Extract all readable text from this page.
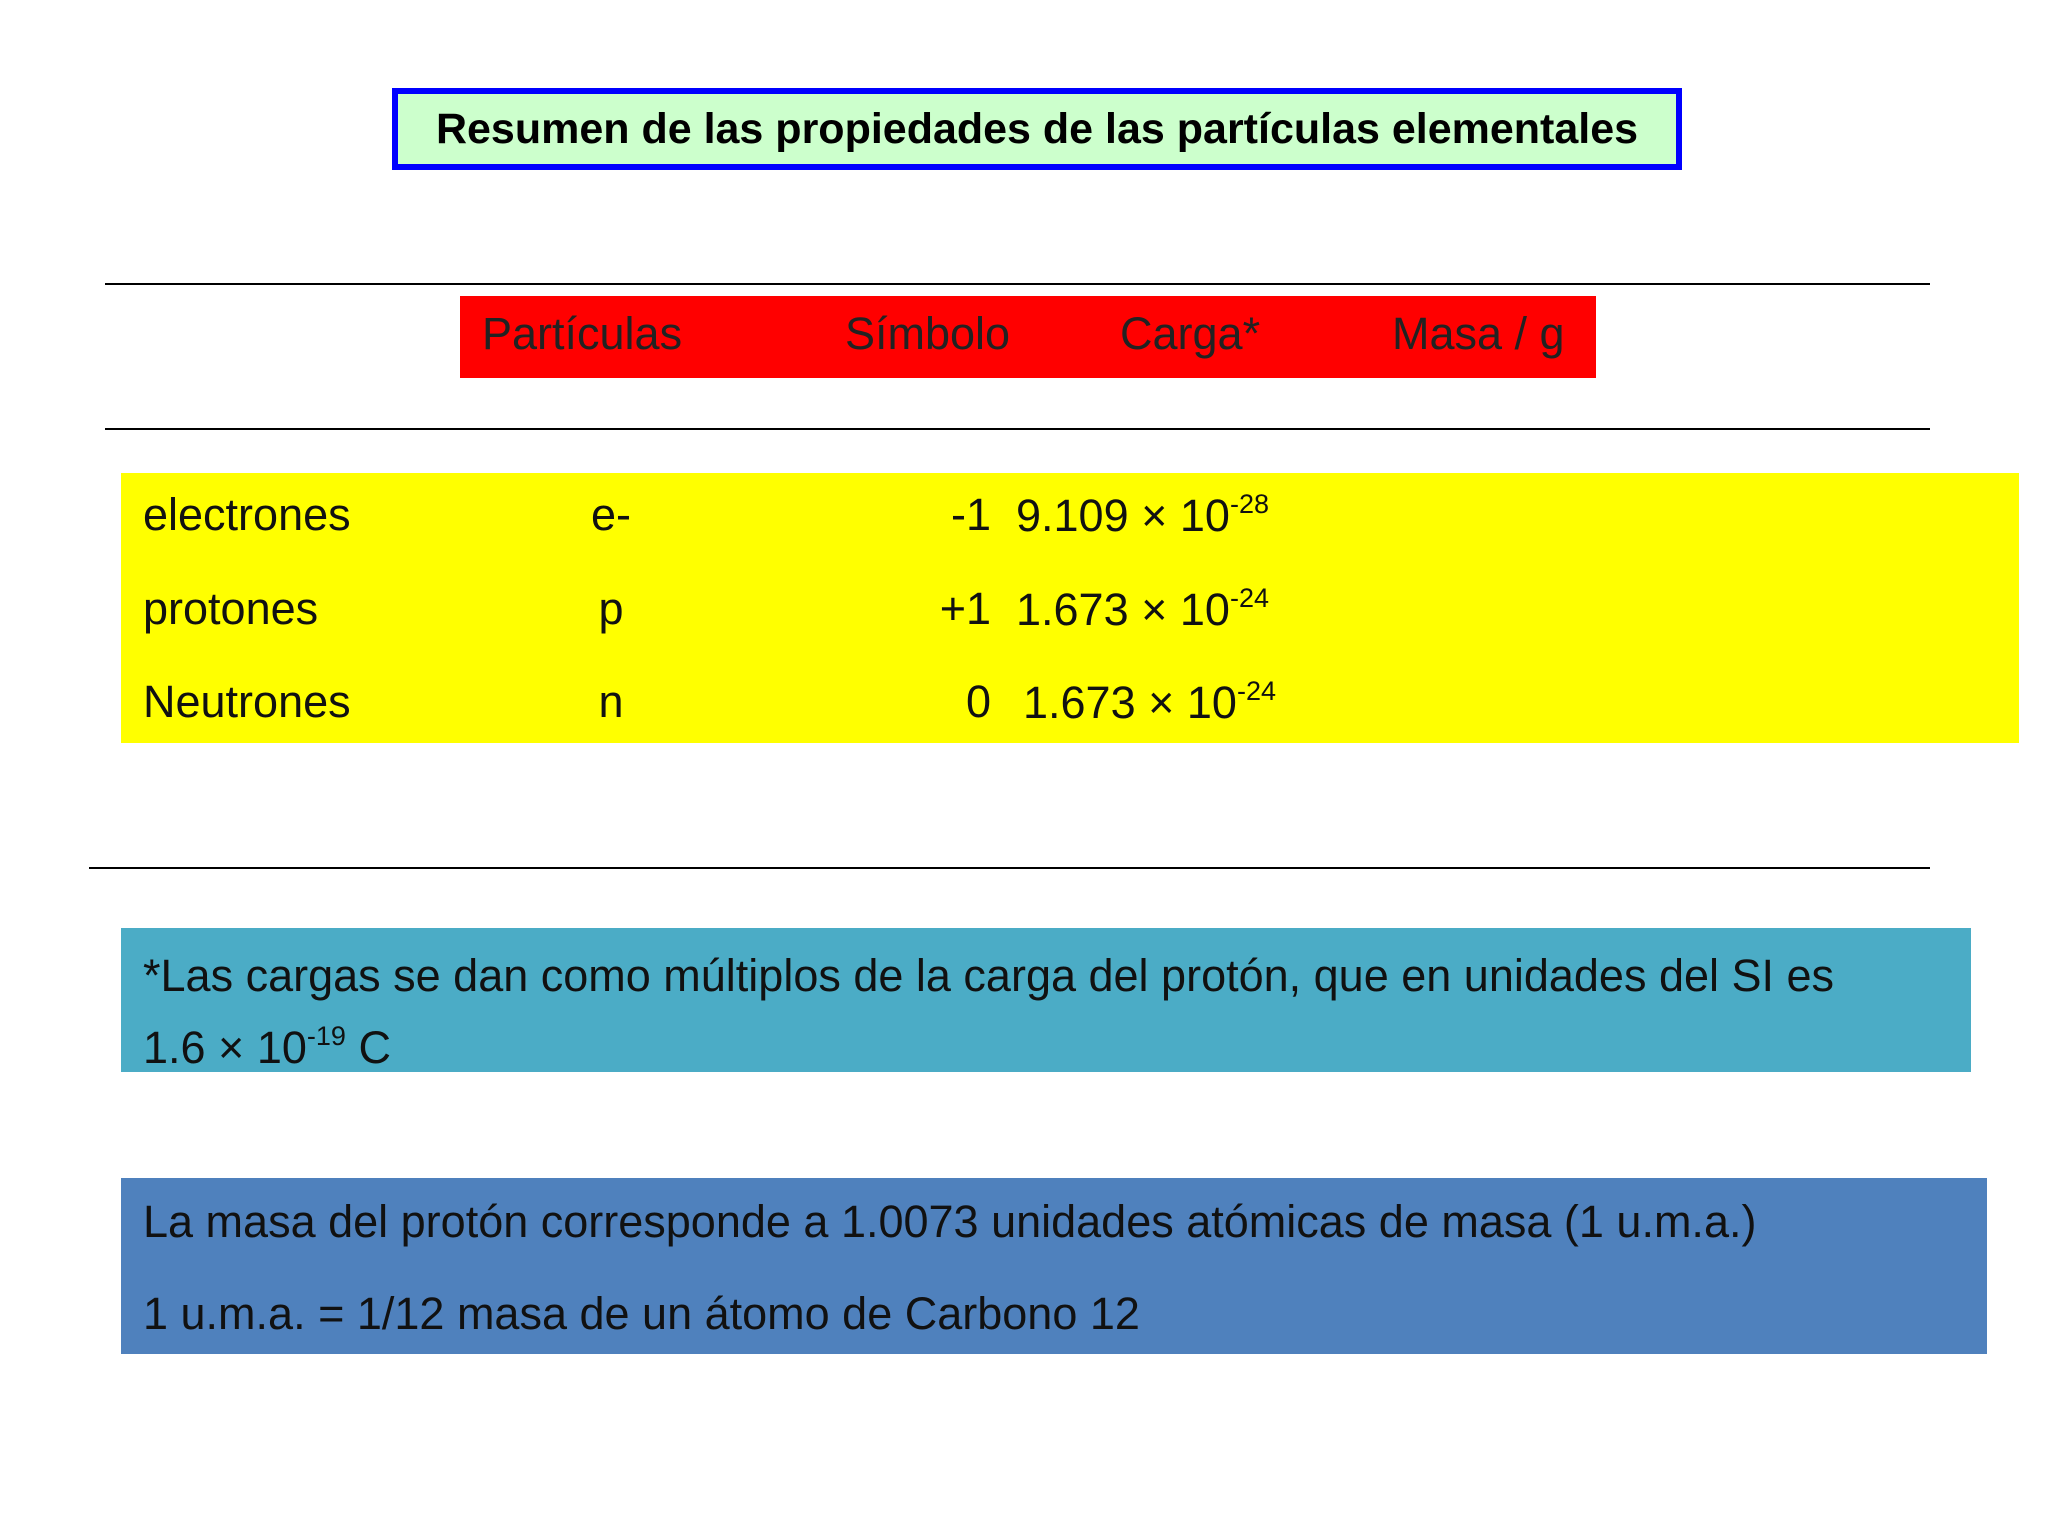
Resumen de las propiedades de las partículas elementales
Partículas	Símbolo Carga*	Masa / g
electrones	e-	-1 $9.109 \times 10^{-28}$
protones	p	+1 $1.673 \times 10^{-24}$
Neutrones	n	0 $1.673 \times 10^{-24}$
*Las cargas se dan como múltiplos de la carga del protón, que en unidades del SI es
$1.6 \times 10^{-19}$ C
La masa del protón corresponde a 1.0073 unidades atómicas de masa (1 u.m.a.)
1 u.m.a. = 1/12 masa de un átomo de Carbono 12
